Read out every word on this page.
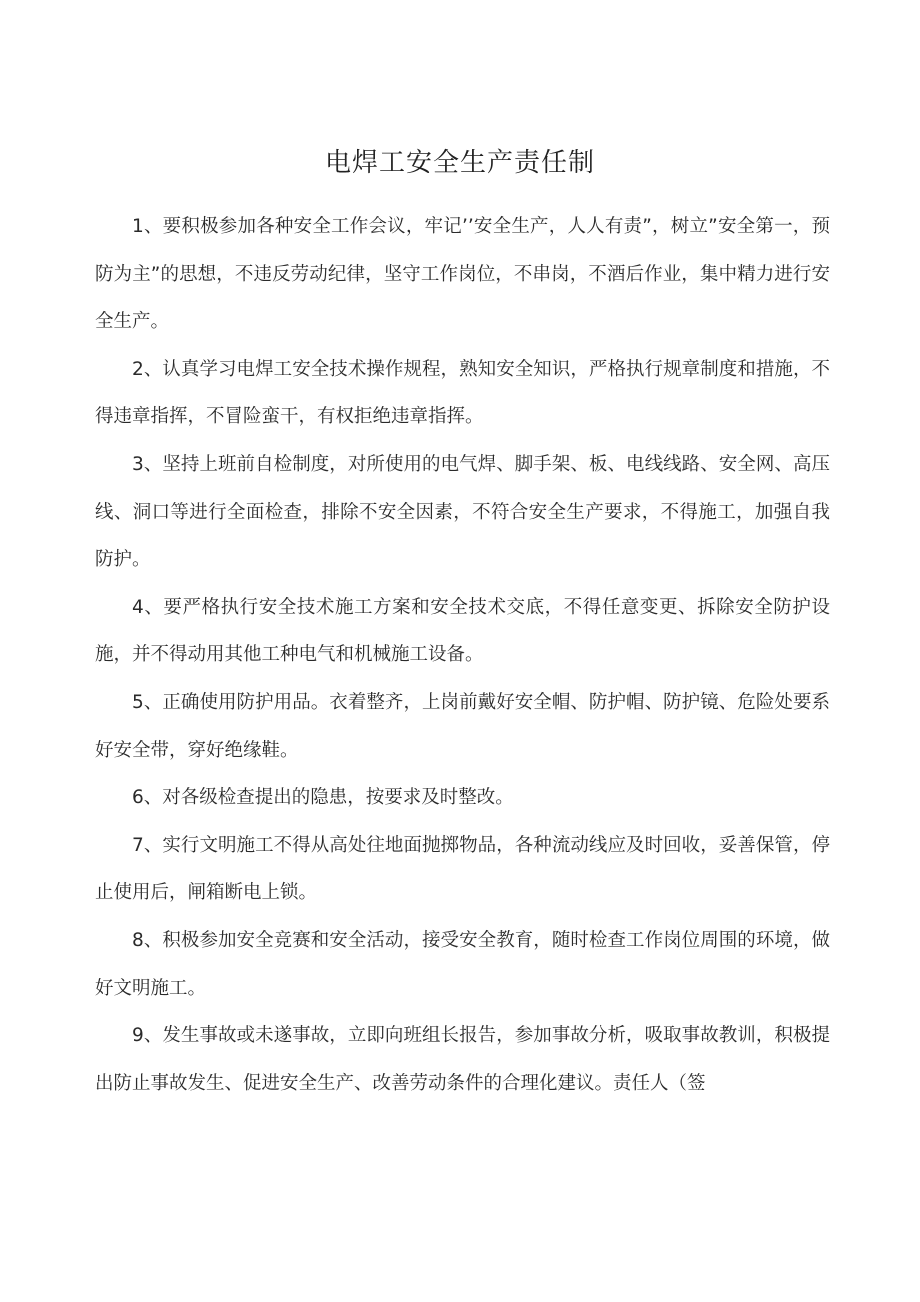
电焊工安全生产责任制

1、要积极参加各种安全工作会议，牢记’’安全生产，人人有责”，树立”安全第一，预防为主”的思想，不违反劳动纪律，坚守工作岗位，不串岗，不酒后作业，集中精力进行安全生产。

2、认真学习电焊工安全技术操作规程，熟知安全知识，严格执行规章制度和措施，不得违章指挥，不冒险蛮干，有权拒绝违章指挥。

3、坚持上班前自检制度，对所使用的电气焊、脚手架、板、电线线路、安全网、高压线、洞口等进行全面检查，排除不安全因素，不符合安全生产要求，不得施工，加强自我防护。

4、要严格执行安全技术施工方案和安全技术交底，不得任意变更、拆除安全防护设施，并不得动用其他工种电气和机械施工设备。

5、正确使用防护用品。衣着整齐，上岗前戴好安全帽、防护帽、防护镜、危险处要系好安全带，穿好绝缘鞋。

6、对各级检查提出的隐患，按要求及时整改。

7、实行文明施工不得从高处往地面抛掷物品，各种流动线应及时回收，妥善保管，停止使用后，闸箱断电上锁。

8、积极参加安全竞赛和安全活动，接受安全教育，随时检查工作岗位周围的环境，做好文明施工。

9、发生事故或未遂事故，立即向班组长报告，参加事故分析，吸取事故教训，积极提出防止事故发生、促进安全生产、改善劳动条件的合理化建议。责任人（签
